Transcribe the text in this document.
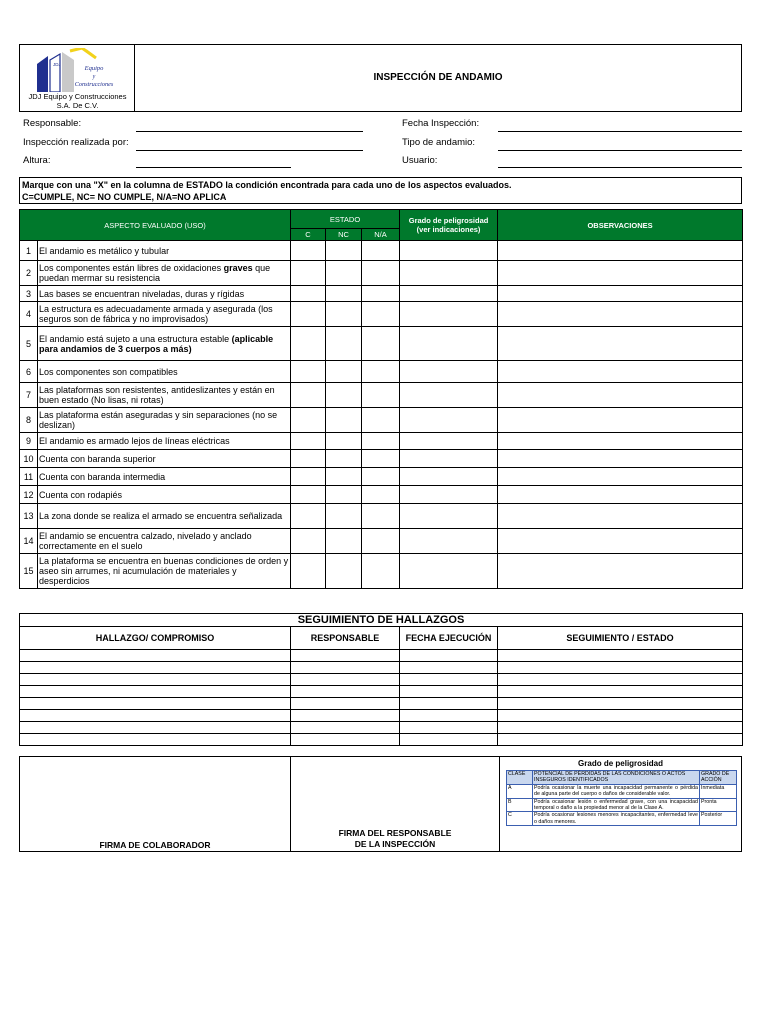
JDJ
Equipo
y
Construcciones
JDJ Equipo y Construcciones
S.A. De C.V.
INSPECCIÓN DE ANDAMIO
Responsable:
Inspección realizada por:
Altura:
Fecha Inspección:
Tipo de andamio:
Usuario:
Marque con una "X" en la columna de ESTADO la condición encontrada para cada uno de los aspectos evaluados.
C=CUMPLE, NC= NO CUMPLE, N/A=NO APLICA
ASPECTO EVALUADO (USO)		ESTADO			Grado de peligrosidad
(ver indicaciones)	OBSERVACIONES
		C	NC	N/A		
1	El andamio es metálico y tubular					
2	Los componentes están libres de oxidaciones graves que puedan mermar su resistencia					
3	Las bases se encuentran niveladas, duras y rígidas					
4	La estructura es adecuadamente armada y asegurada (los seguros son de fábrica y no improvisados)					
5	El andamio está sujeto a una estructura estable (aplicable para andamios de 3 cuerpos a más)					
6	Los componentes son compatibles					
7	Las plataformas son resistentes, antideslizantes y están en buen estado (No lisas, ni rotas)					
8	Las plataforma están aseguradas y sin separaciones (no se deslizan)					
9	El andamio es armado lejos de líneas eléctricas					
10	Cuenta con baranda superior					
11	Cuenta con baranda intermedia					
12	Cuenta con rodapiés					
13	La zona donde se realiza el armado se encuentra señalizada					
14	El andamio se encuentra calzado, nivelado y anclado correctamente en el suelo					
15	La plataforma se encuentra en buenas condiciones de orden y aseo sin arrumes, ni acumulación de materiales y desperdicios					
SEGUIMIENTO DE HALLAZGOS			
HALLAZGO/ COMPROMISO	RESPONSABLE	FECHA EJECUCIÓN	SEGUIMIENTO / ESTADO

FIRMA DE COLABORADOR
FIRMA DEL RESPONSABLE
DE LA INSPECCIÓN
Grado de peligrosidad
CLASE	POTENCIAL DE PÉRDIDAS DE LAS CONDICIONES O ACTOS INSEGUROS IDENTIFICADOS	GRADO DE ACCIÓN
A	Podría ocasionar la muerte una incapacidad permanente o pérdida de alguna parte del cuerpo o daños de considerable valor.	Inmediata
B	Podría ocasionar lesión o enfermedad grave, con una incapacidad temporal o daño a la propiedad menor al de la Clase A.	Pronta
C	Podría ocasionar lesiones menores incapacitantes, enfermedad leve o daños menores.	Posterior
